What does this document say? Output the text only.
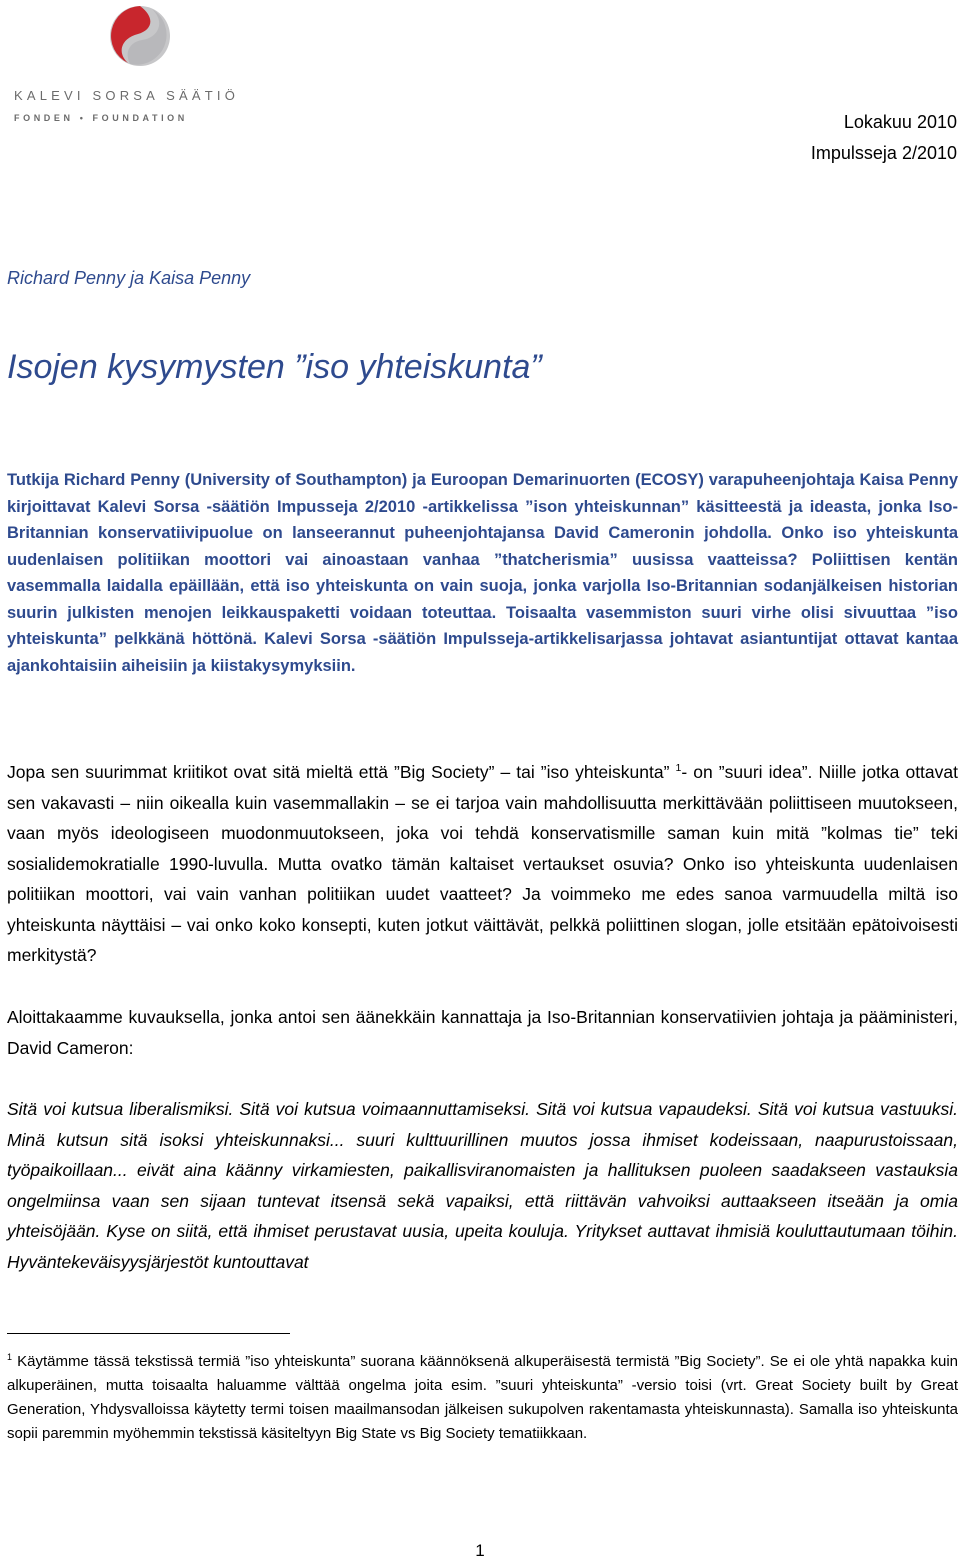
KALEVI SORSA SÄÄTIÖ
FONDEN • FOUNDATION	Lokakuu 2010
Impulsseja 2/2010
Richard Penny ja Kaisa Penny
Isojen kysymysten ”iso yhteiskunta”
Tutkija Richard Penny (University of Southampton) ja Euroopan Demarinuorten (ECOSY) varapuheenjohtaja Kaisa Penny kirjoittavat Kalevi Sorsa -säätiön Impusseja 2/2010 -artikkelissa ”ison yhteiskunnan” käsitteestä ja ideasta, jonka Iso-Britannian konservatiivipuolue on lanseerannut puheenjohtajansa David Cameronin johdolla. Onko iso yhteiskunta uudenlaisen politiikan moottori vai ainoastaan vanhaa ”thatcherismia” uusissa vaatteissa? Poliittisen kentän vasemmalla laidalla epäillään, että iso yhteiskunta on vain suoja, jonka varjolla Iso-Britannian sodanjälkeisen historian suurin julkisten menojen leikkauspaketti voidaan toteuttaa. Toisaalta vasemmiston suuri virhe olisi sivuuttaa ”iso yhteiskunta” pelkkänä höttönä. Kalevi Sorsa -säätiön Impulsseja-artikkelisarjassa johtavat asiantuntijat ottavat kantaa ajankohtaisiin aiheisiin ja kiistakysymyksiin.

Jopa sen suurimmat kriitikot ovat sitä mieltä että ”Big Society” – tai ”iso yhteiskunta” $^1$- on ”suuri idea”. Niille jotka ottavat sen vakavasti – niin oikealla kuin vasemmallakin – se ei tarjoa vain mahdollisuutta merkittävään poliittiseen muutokseen, vaan myös ideologiseen muodonmuutokseen, joka voi tehdä konservatismille saman kuin mitä ”kolmas tie” teki sosialidemokratialle 1990-luvulla. Mutta ovatko tämän kaltaiset vertaukset osuvia? Onko iso yhteiskunta uudenlaisen politiikan moottori, vai vain vanhan politiikan uudet vaatteet? Ja voimmeko me edes sanoa varmuudella miltä iso yhteiskunta näyttäisi – vai onko koko konsepti, kuten jotkut väittävät, pelkkä poliittinen slogan, jolle etsitään epätoivoisesti merkitystä?

Aloittakaamme kuvauksella, jonka antoi sen äänekkäin kannattaja ja Iso-Britannian konservatiivien johtaja ja pääministeri, David Cameron:

Sitä voi kutsua liberalismiksi. Sitä voi kutsua voimaannuttamiseksi. Sitä voi kutsua vapaudeksi. Sitä voi kutsua vastuuksi. Minä kutsun sitä isoksi yhteiskunnaksi... suuri kulttuurillinen muutos jossa ihmiset kodeissaan, naapurustoissaan, työpaikoillaan... eivät aina käänny virkamiesten, paikallisviranomaisten ja hallituksen puoleen saadakseen vastauksia ongelmiinsa vaan sen sijaan tuntevat itsensä sekä vapaiksi, että riittävän vahvoiksi auttaakseen itseään ja omia yhteisöjään. Kyse on siitä, että ihmiset perustavat uusia, upeita kouluja. Yritykset auttavat ihmisiä kouluttautumaan töihin. Hyväntekeväisyysjärjestöt kuntouttavat

$^1$ Käytämme tässä tekstissä termiä ”iso yhteiskunta” suorana käännöksenä alkuperäisestä termistä ”Big Society”. Se ei ole yhtä napakka kuin alkuperäinen, mutta toisaalta haluamme välttää ongelma joita esim. ”suuri yhteiskunta” -versio toisi (vrt. Great Society built by Great Generation, Yhdysvalloissa käytetty termi toisen maailmansodan jälkeisen sukupolven rakentamasta yhteiskunnasta). Samalla iso yhteiskunta sopii paremmin myöhemmin tekstissä käsiteltyyn Big State vs Big Society tematiikkaan.
1
